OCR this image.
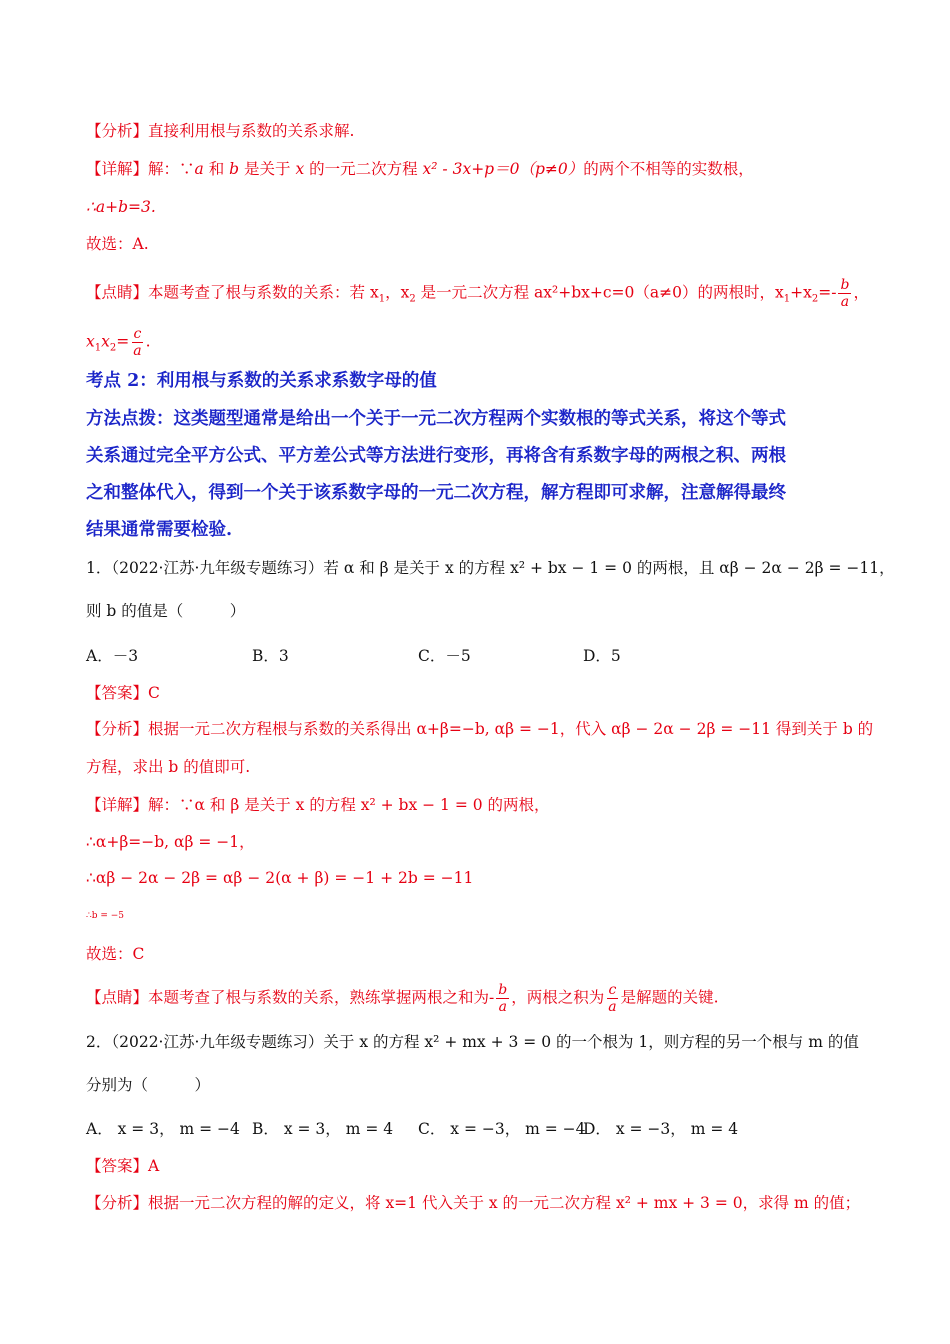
【分析】直接利用根与系数的关系求解.
【详解】解：∵a 和 b 是关于 x 的一元二次方程 x² - 3x+p＝0（p≠0）的两个不相等的实数根，
∴a+b=3.
故选：A.
【点睛】本题考查了根与系数的关系：若 $x_1$，$x_2$ 是一元二次方程 ax²+bx+c=0（a≠0）的两根时，$x_1+x_2=- \frac{b}{a}$ ，
$x_1x_2= \frac{c}{a}$ .
考点 2：利用根与系数的关系求系数字母的值
方法点拨：这类题型通常是给出一个关于一元二次方程两个实数根的等式关系，将这个等式
关系通过完全平方公式、平方差公式等方法进行变形，再将含有系数字母的两根之积、两根
之和整体代入，得到一个关于该系数字母的一元二次方程，解方程即可求解，注意解得最终
结果通常需要检验.
1．（2022·江苏·九年级专题练习）若 α 和 β 是关于 x 的方程 x² + bx − 1 = 0 的两根，且 αβ − 2α − 2β = −11，
则 b 的值是（　　　）
A．－3	B．3	C．－5	D．5
【答案】C
【分析】根据一元二次方程根与系数的关系得出 α+β=−b, αβ = −1，代入 αβ − 2α − 2β = −11 得到关于 b 的
方程，求出 b 的值即可.
【详解】解：∵α 和 β 是关于 x 的方程 x² + bx − 1 = 0 的两根，
∴α+β=−b, αβ = −1，
∴αβ − 2α − 2β = αβ − 2(α + β) = −1 + 2b = −11
∴b = −5
故选：C
【点睛】本题考查了根与系数的关系，熟练掌握两根之和为- $\frac{b}{a}$ ，两根之积为 $\frac{c}{a}$ 是解题的关键.
2．（2022·江苏·九年级专题练习）关于 x 的方程 x² + mx + 3 = 0 的一个根为 1，则方程的另一个根与 m 的值
分别为（　　　）
A． x = 3， m = −4 B． x = 3， m = 4 C． x = −3， m = −4
D． x = −3， m = 4
【答案】A
【分析】根据一元二次方程的解的定义，将 x=1 代入关于 x 的一元二次方程 x² + mx + 3 = 0，求得 m 的值；
